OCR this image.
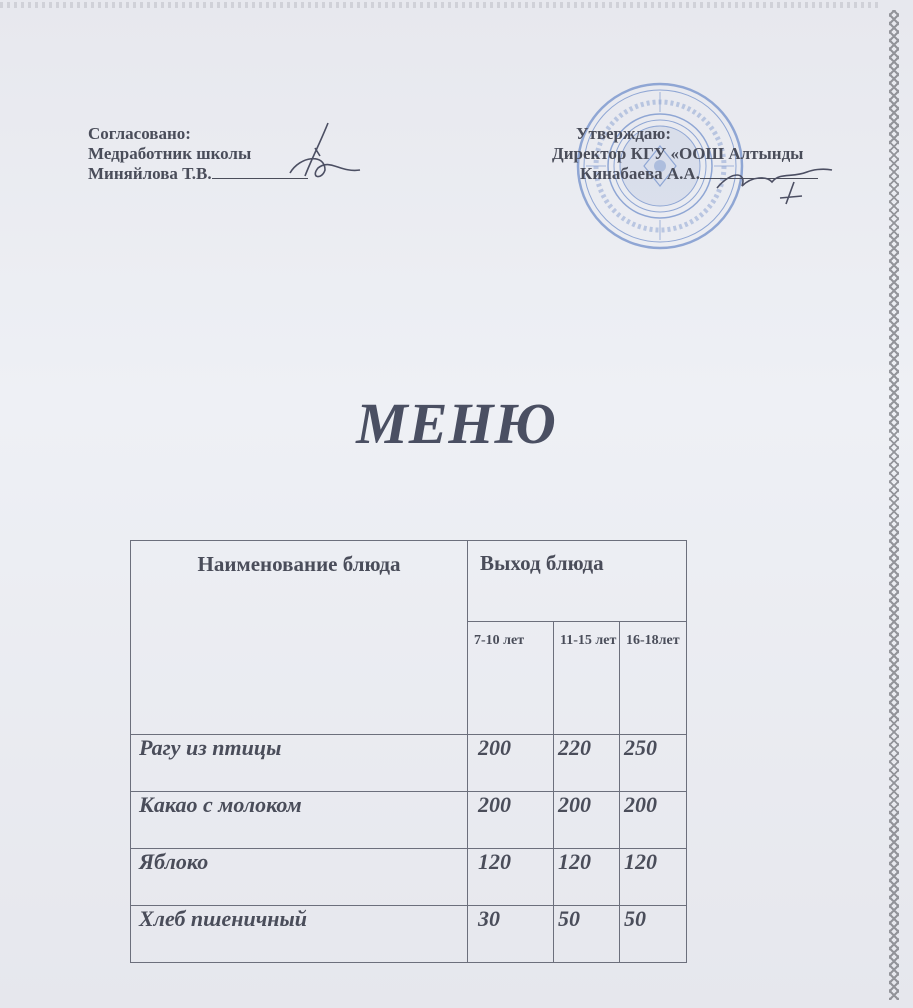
Согласовано:
Медработник школы
Миняйлова Т.В.
Утверждаю:
Директор КГУ «ООШ Алтынды
Кинабаева А.А.
МЕНЮ
Наименование блюда	Выход блюда		
	7-10 лет	11-15 лет	16-18лет
Рагу из птицы	200	220	250
Какао с молоком	200	200	200
Яблоко	120	120	120
Хлеб пшеничный	30	50	50
